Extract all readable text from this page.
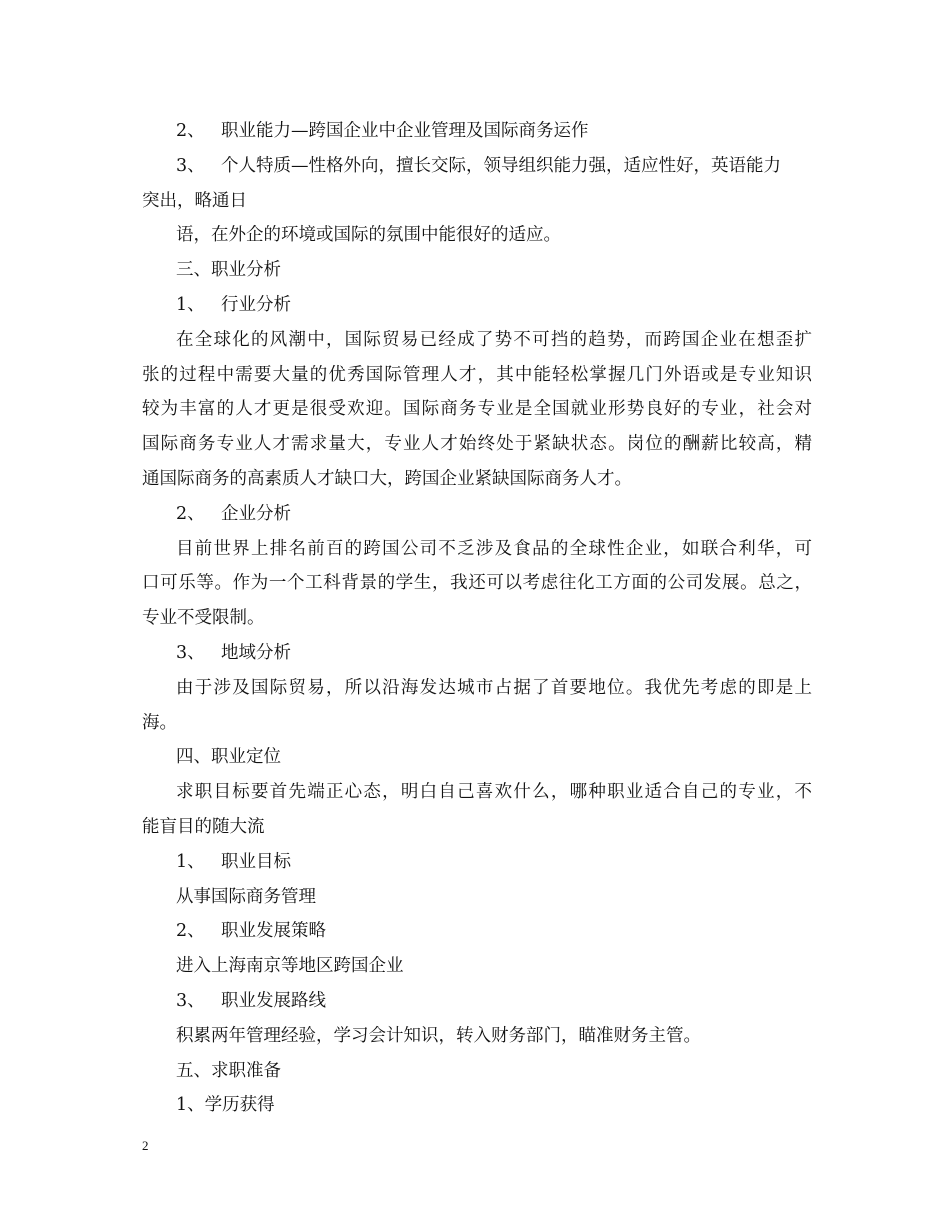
2、 职业能力—跨国企业中企业管理及国际商务运作
3、 个人特质—性格外向，擅长交际，领导组织能力强，适应性好，英语能力
突出，略通日
语，在外企的环境或国际的氛围中能很好的适应。
三、职业分析
1、 行业分析
在全球化的风潮中，国际贸易已经成了势不可挡的趋势，而跨国企业在想歪扩
张的过程中需要大量的优秀国际管理人才，其中能轻松掌握几门外语或是专业知识
较为丰富的人才更是很受欢迎。国际商务专业是全国就业形势良好的专业，社会对
国际商务专业人才需求量大，专业人才始终处于紧缺状态。岗位的酬薪比较高，精
通国际商务的高素质人才缺口大，跨国企业紧缺国际商务人才。
2、 企业分析
目前世界上排名前百的跨国公司不乏涉及食品的全球性企业，如联合利华，可
口可乐等。作为一个工科背景的学生，我还可以考虑往化工方面的公司发展。总之，
专业不受限制。
3、 地域分析
由于涉及国际贸易，所以沿海发达城市占据了首要地位。我优先考虑的即是上
海。
四、职业定位
求职目标要首先端正心态，明白自己喜欢什么，哪种职业适合自己的专业，不
能盲目的随大流
1、 职业目标
从事国际商务管理
2、 职业发展策略
进入上海南京等地区跨国企业
3、 职业发展路线
积累两年管理经验，学习会计知识，转入财务部门，瞄准财务主管。
五、求职准备
1、学历获得
2
